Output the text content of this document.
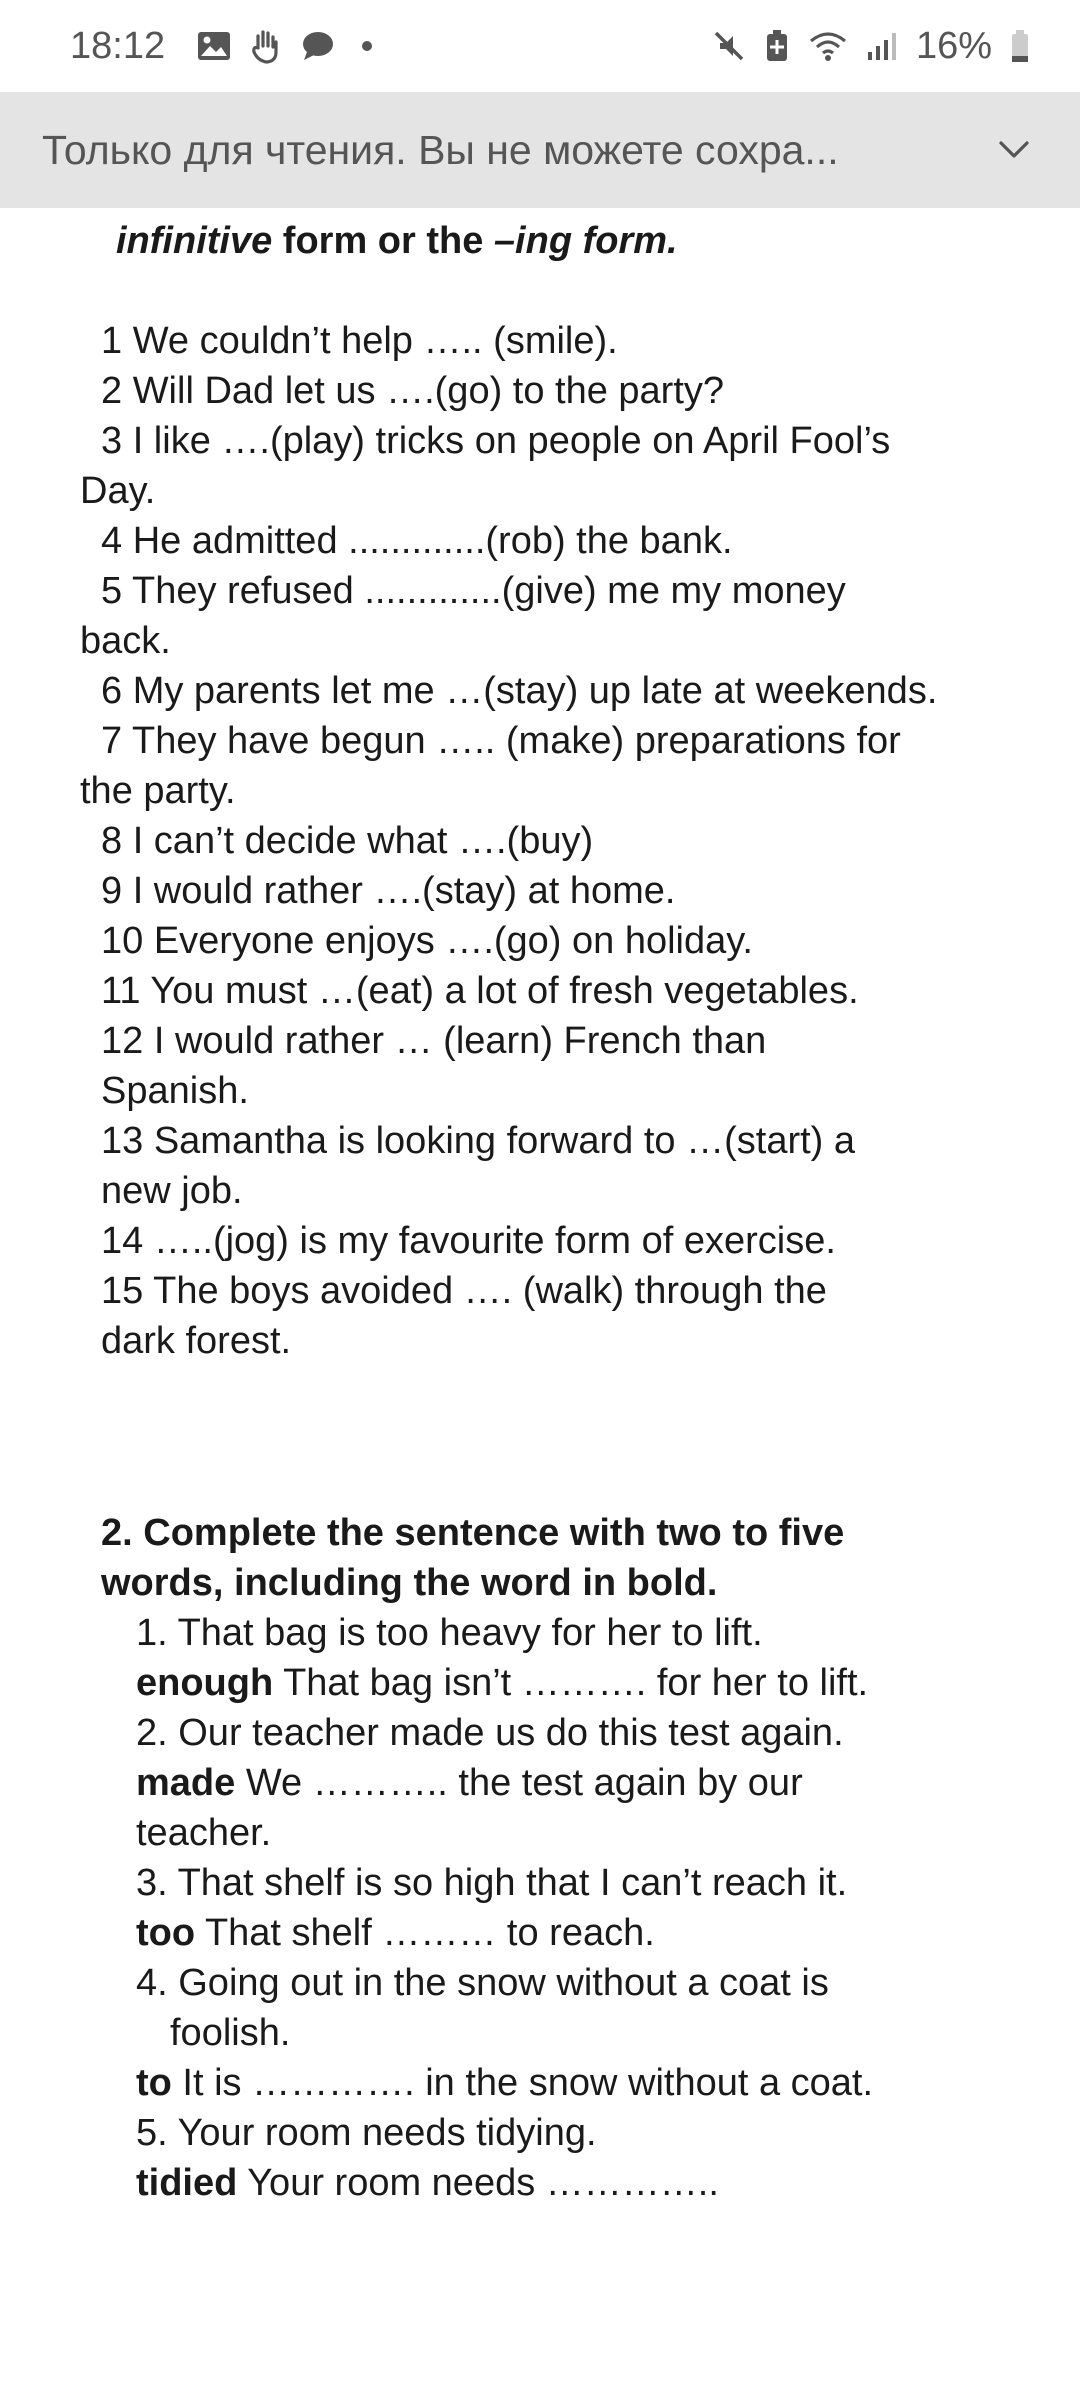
18:12	16%
Только для чтения. Вы не можете сохра...
infinitive form or the –ing form.
1 We couldn’t help ….. (smile).
2 Will Dad let us ….(go) to the party?
3 I like ….(play) tricks on people on April Fool’s
Day.
4 He admitted .............(rob) the bank.
5 They refused .............(give) me my money
back.
6 My parents let me …(stay) up late at weekends.
7 They have begun ….. (make) preparations for
the party.
8 I can’t decide what ….(buy)
9 I would rather ….(stay) at home.
10 Everyone enjoys ….(go) on holiday.
11 You must …(eat) a lot of fresh vegetables.
12 I would rather … (learn) French than
Spanish.
13 Samantha is looking forward to …(start) a
new job.
14 …..(jog) is my favourite form of exercise.
15 The boys avoided …. (walk) through the
dark forest.
2. Complete the sentence with two to five
words, including the word in bold.
1. That bag is too heavy for her to lift.
enough That bag isn’t ………. for her to lift.
2. Our teacher made us do this test again.
made We ……….. the test again by our
teacher.
3. That shelf is so high that I can’t reach it.
too That shelf ……… to reach.
4. Going out in the snow without a coat is
foolish.
to It is …………. in the snow without a coat.
5. Your room needs tidying.
tidied Your room needs …………..
